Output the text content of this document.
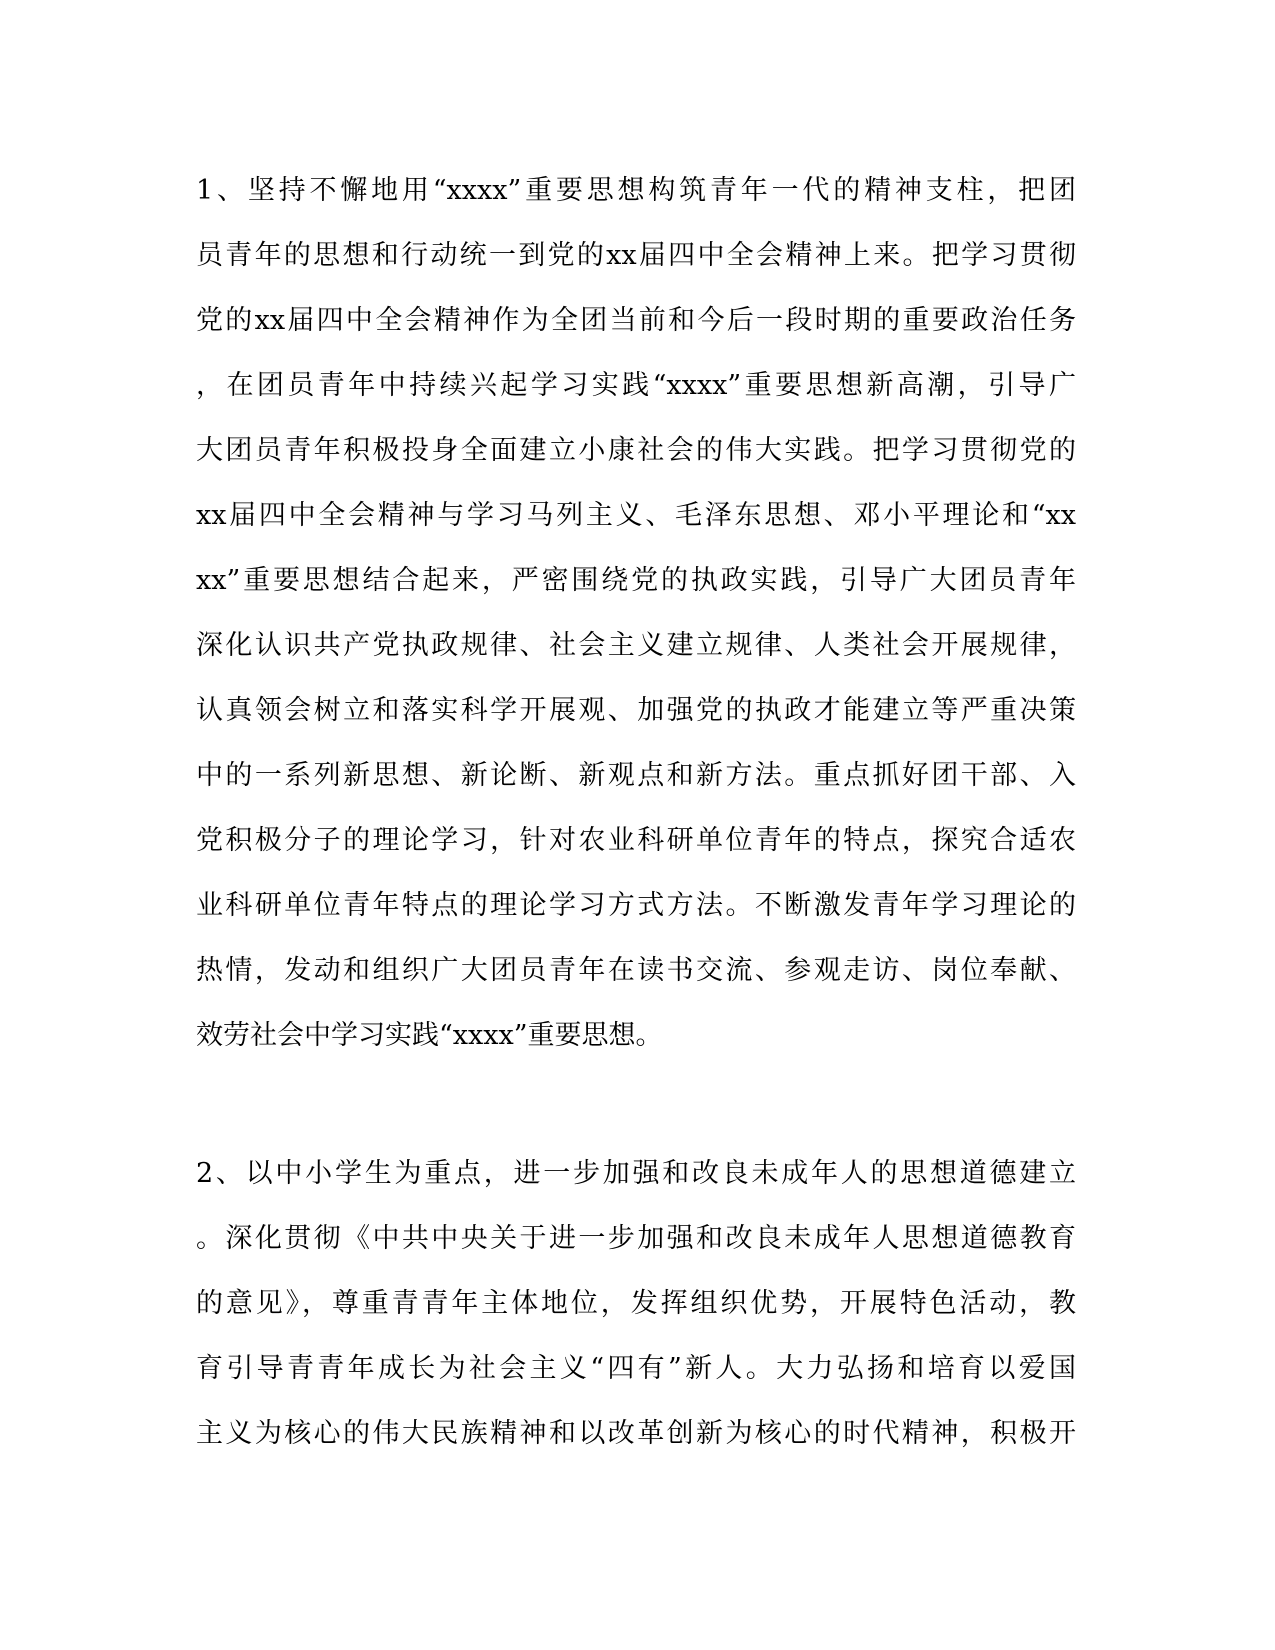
1、坚持不懈地用“xxxx”重要思想构筑青年一代的精神支柱，把团
员青年的思想和行动统一到党的xx届四中全会精神上来。把学习贯彻
党的xx届四中全会精神作为全团当前和今后一段时期的重要政治任务
，在团员青年中持续兴起学习实践“xxxx”重要思想新高潮，引导广
大团员青年积极投身全面建立小康社会的伟大实践。把学习贯彻党的
xx届四中全会精神与学习马列主义、毛泽东思想、邓小平理论和“xx
xx”重要思想结合起来，严密围绕党的执政实践，引导广大团员青年
深化认识共产党执政规律、社会主义建立规律、人类社会开展规律，
认真领会树立和落实科学开展观、加强党的执政才能建立等严重决策
中的一系列新思想、新论断、新观点和新方法。重点抓好团干部、入
党积极分子的理论学习，针对农业科研单位青年的特点，探究合适农
业科研单位青年特点的理论学习方式方法。不断激发青年学习理论的
热情，发动和组织广大团员青年在读书交流、参观走访、岗位奉献、
效劳社会中学习实践“xxxx”重要思想。
2、以中小学生为重点，进一步加强和改良未成年人的思想道德建立
。深化贯彻《中共中央关于进一步加强和改良未成年人思想道德教育
的意见》，尊重青青年主体地位，发挥组织优势，开展特色活动，教
育引导青青年成长为社会主义“四有”新人。大力弘扬和培育以爱国
主义为核心的伟大民族精神和以改革创新为核心的时代精神，积极开
